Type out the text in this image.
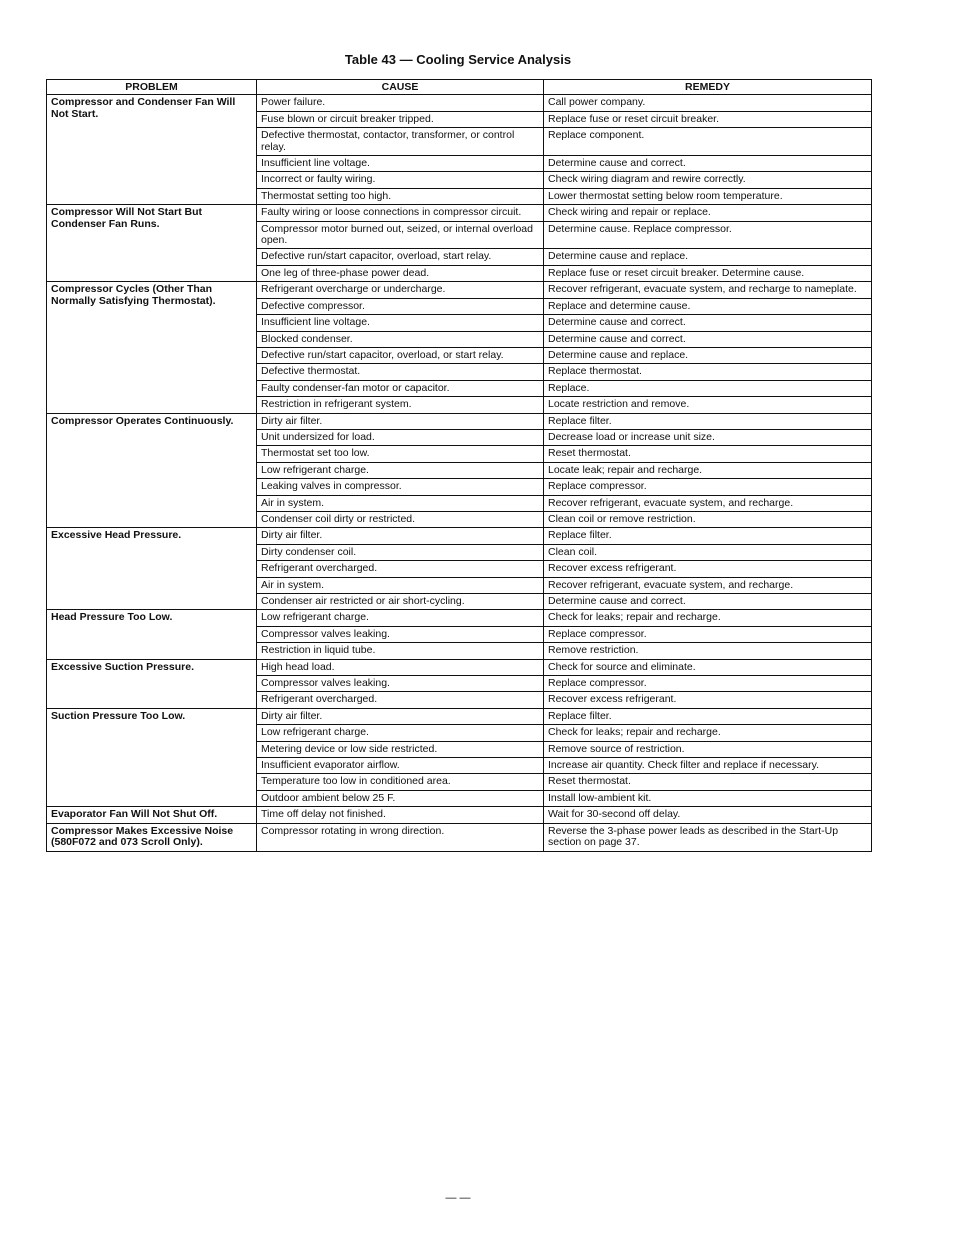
Table 43 — Cooling Service Analysis
PROBLEM	CAUSE	REMEDY
Compressor and Condenser Fan Will Not Start.	Power failure.	Call power company.
	Fuse blown or circuit breaker tripped.	Replace fuse or reset circuit breaker.
	Defective thermostat, contactor, transformer, or control relay.	Replace component.
	Insufficient line voltage.	Determine cause and correct.
	Incorrect or faulty wiring.	Check wiring diagram and rewire correctly.
	Thermostat setting too high.	Lower thermostat setting below room temperature.
Compressor Will Not Start But Condenser Fan Runs.	Faulty wiring or loose connections in compressor circuit.	Check wiring and repair or replace.
	Compressor motor burned out, seized, or internal overload open.	Determine cause. Replace compressor.
	Defective run/start capacitor, overload, start relay.	Determine cause and replace.
	One leg of three-phase power dead.	Replace fuse or reset circuit breaker. Determine cause.
Compressor Cycles (Other Than Normally Satisfying Thermostat).	Refrigerant overcharge or undercharge.	Recover refrigerant, evacuate system, and recharge to nameplate.
	Defective compressor.	Replace and determine cause.
	Insufficient line voltage.	Determine cause and correct.
	Blocked condenser.	Determine cause and correct.
	Defective run/start capacitor, overload, or start relay.	Determine cause and replace.
	Defective thermostat.	Replace thermostat.
	Faulty condenser-fan motor or capacitor.	Replace.
	Restriction in refrigerant system.	Locate restriction and remove.
Compressor Operates Continuously.	Dirty air filter.	Replace filter.
	Unit undersized for load.	Decrease load or increase unit size.
	Thermostat set too low.	Reset thermostat.
	Low refrigerant charge.	Locate leak; repair and recharge.
	Leaking valves in compressor.	Replace compressor.
	Air in system.	Recover refrigerant, evacuate system, and recharge.
	Condenser coil dirty or restricted.	Clean coil or remove restriction.
Excessive Head Pressure.	Dirty air filter.	Replace filter.
	Dirty condenser coil.	Clean coil.
	Refrigerant overcharged.	Recover excess refrigerant.
	Air in system.	Recover refrigerant, evacuate system, and recharge.
	Condenser air restricted or air short-cycling.	Determine cause and correct.
Head Pressure Too Low.	Low refrigerant charge.	Check for leaks; repair and recharge.
	Compressor valves leaking.	Replace compressor.
	Restriction in liquid tube.	Remove restriction.
Excessive Suction Pressure.	High head load.	Check for source and eliminate.
	Compressor valves leaking.	Replace compressor.
	Refrigerant overcharged.	Recover excess refrigerant.
Suction Pressure Too Low.	Dirty air filter.	Replace filter.
	Low refrigerant charge.	Check for leaks; repair and recharge.
	Metering device or low side restricted.	Remove source of restriction.
	Insufficient evaporator airflow.	Increase air quantity. Check filter and replace if necessary.
	Temperature too low in conditioned area.	Reset thermostat.
	Outdoor ambient below 25 F.	Install low-ambient kit.
Evaporator Fan Will Not Shut Off.	Time off delay not finished.	Wait for 30-second off delay.
Compressor Makes Excessive Noise (580F072 and 073 Scroll Only).	Compressor rotating in wrong direction.	Reverse the 3-phase power leads as described in the Start-Up section on page 37.
— —
